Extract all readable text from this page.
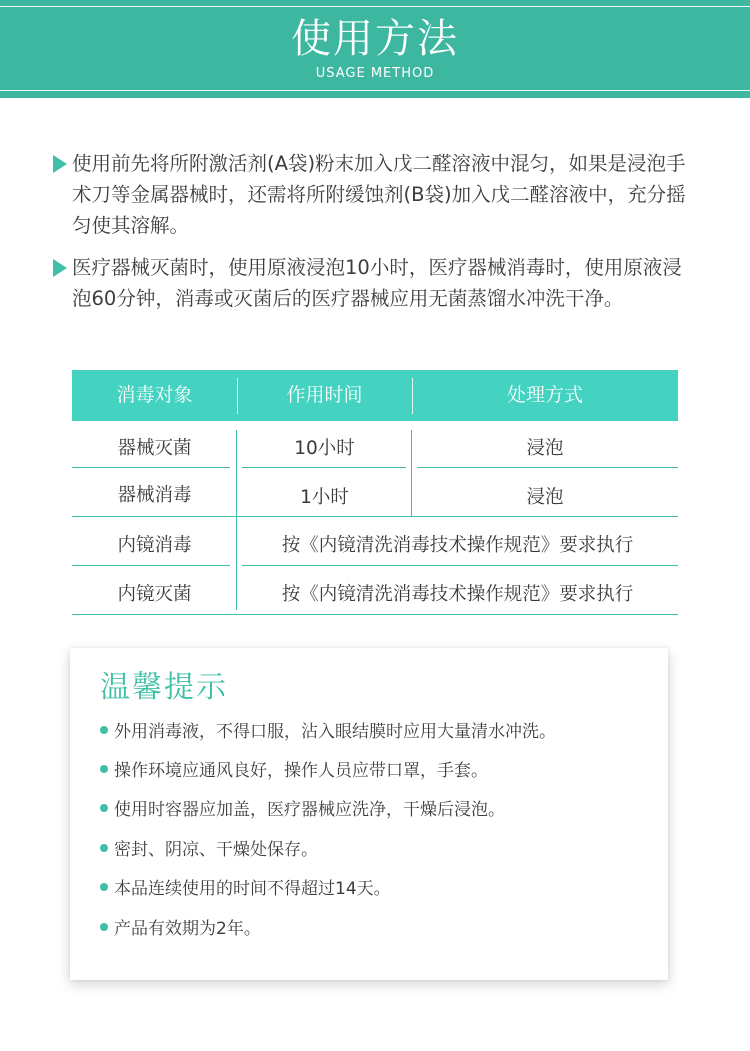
使用方法
USAGE METHOD
使用前先将所附激活剂(A袋)粉末加入戊二醛溶液中混匀，如果是浸泡手术刀等金属器械时，还需将所附缓蚀剂(B袋)加入戊二醛溶液中，充分摇匀使其溶解。
医疗器械灭菌时，使用原液浸泡10小时，医疗器械消毒时，使用原液浸泡60分钟，消毒或灭菌后的医疗器械应用无菌蒸馏水冲洗干净。
消毒对象	作用时间	处理方式
器械灭菌	10小时	浸泡
器械消毒	1小时	浸泡
内镜消毒	按《内镜清洗消毒技术操作规范》要求执行
内镜灭菌	按《内镜清洗消毒技术操作规范》要求执行
温馨提示
外用消毒液，不得口服，沾入眼结膜时应用大量清水冲洗。
操作环境应通风良好，操作人员应带口罩，手套。
使用时容器应加盖，医疗器械应洗净，干燥后浸泡。
密封、阴凉、干燥处保存。
本品连续使用的时间不得超过14天。
产品有效期为2年。
